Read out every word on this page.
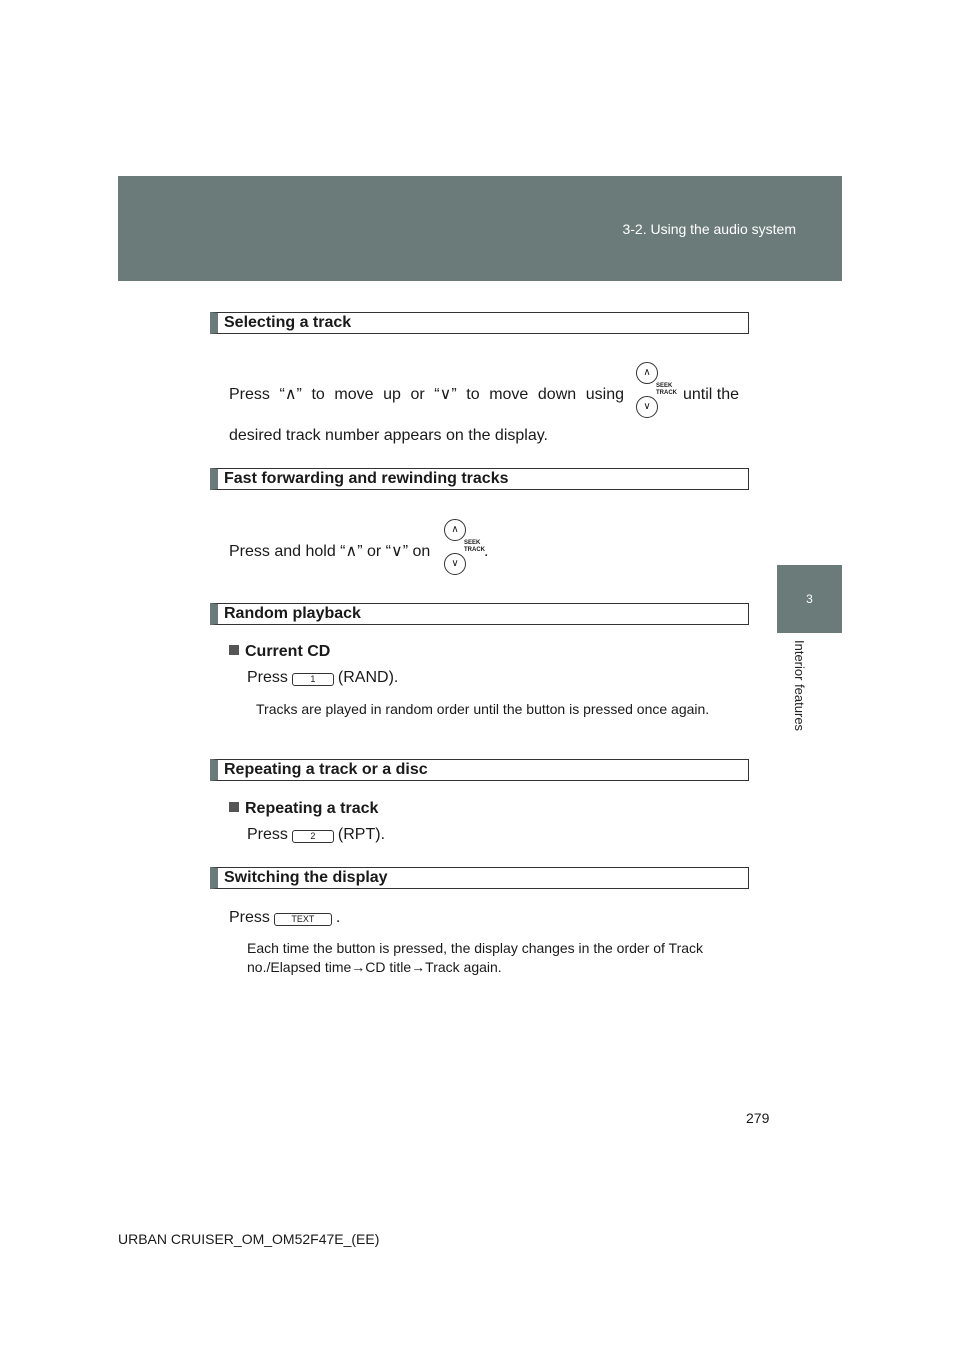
3-2. Using the audio system
3
Interior features
Selecting a track
Press “∧” to move up or “∨” to move down using
∧
SEEK
TRACK
∨
until the
desired track number appears on the display.
Fast forwarding and rewinding tracks
Press and hold “∧” or “∨” on
∧
SEEK
TRACK
∨
.
Random playback
Current CD
Press 1 (RAND).
Tracks are played in random order until the button is pressed once again.
Repeating a track or a disc
Repeating a track
Press 2 (RPT).
Switching the display
Press TEXT .
Each time the button is pressed, the display changes in the order of Track no./Elapsed time→CD title→Track again.
279
URBAN CRUISER_OM_OM52F47E_(EE)
